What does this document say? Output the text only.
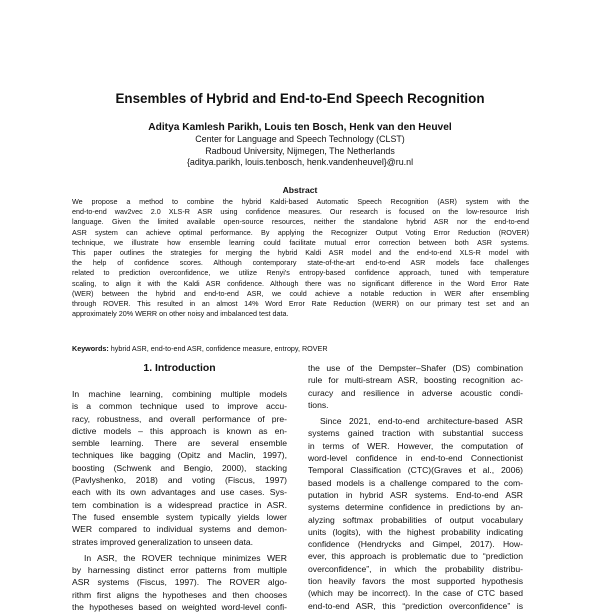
Ensembles of Hybrid and End-to-End Speech Recognition
Aditya Kamlesh Parikh, Louis ten Bosch, Henk van den Heuvel
Center for Language and Speech Technology (CLST)
Radboud University, Nijmegen, The Netherlands
{aditya.parikh, louis.tenbosch, henk.vandenheuvel}@ru.nl
Abstract
We propose a method to combine the hybrid Kaldi-based Automatic Speech Recognition (ASR) system with the
end-to-end wav2vec 2.0 XLS-R ASR using confidence measures. Our research is focused on the low-resource Irish
language. Given the limited available open-source resources, neither the standalone hybrid ASR nor the end-to-end
ASR system can achieve optimal performance. By applying the Recognizer Output Voting Error Reduction (ROVER)
technique, we illustrate how ensemble learning could facilitate mutual error correction between both ASR systems.
This paper outlines the strategies for merging the hybrid Kaldi ASR model and the end-to-end XLS-R model with
the help of confidence scores. Although contemporary state-of-the-art end-to-end ASR models face challenges
related to prediction overconfidence, we utilize Renyi's entropy-based confidence approach, tuned with temperature
scaling, to align it with the Kaldi ASR confidence. Although there was no significant difference in the Word Error Rate
(WER) between the hybrid and end-to-end ASR, we could achieve a notable reduction in WER after ensembling
through ROVER. This resulted in an almost 14% Word Error Rate Reduction (WERR) on our primary test set and an
approximately 20% WERR on other noisy and imbalanced test data.
Keywords: hybrid ASR, end-to-end ASR, confidence measure, entropy, ROVER
1. Introduction
In machine learning, combining multiple models
is a common technique used to improve accu-
racy, robustness, and overall performance of pre-
dictive models – this approach is known as en-
semble learning. There are several ensemble
techniques like bagging (Opitz and Maclin, 1997),
boosting (Schwenk and Bengio, 2000), stacking
(Pavlyshenko, 2018) and voting (Fiscus, 1997)
each with its own advantages and use cases. Sys-
tem combination is a widespread practice in ASR.
The fused ensemble system typically yields lower
WER compared to individual systems and demon-
strates improved generalization to unseen data.
In ASR, the ROVER technique minimizes WER
by harnessing distinct error patterns from multiple
ASR systems (Fiscus, 1997). The ROVER algo-
rithm first aligns the hypotheses and then chooses
the hypotheses based on weighted word-level confi-
the use of the Dempster–Shafer (DS) combination
rule for multi-stream ASR, boosting recognition ac-
curacy and resilience in adverse acoustic condi-
tions.
Since 2021, end-to-end architecture-based ASR
systems gained traction with substantial success
in terms of WER. However, the computation of
word-level confidence in end-to-end Connectionist
Temporal Classification (CTC)(Graves et al., 2006)
based models is a challenge compared to the com-
putation in hybrid ASR systems. End-to-end ASR
systems determine confidence in predictions by an-
alyzing softmax probabilities of output vocabulary
units (logits), with the highest probability indicating
confidence (Hendrycks and Gimpel, 2017). How-
ever, this approach is problematic due to “prediction
overconfidence”, in which the probability distribu-
tion heavily favors the most supported hypothesis
(which may be incorrect). In the case of CTC based
end-to-end ASR, this “prediction overconfidence” is
